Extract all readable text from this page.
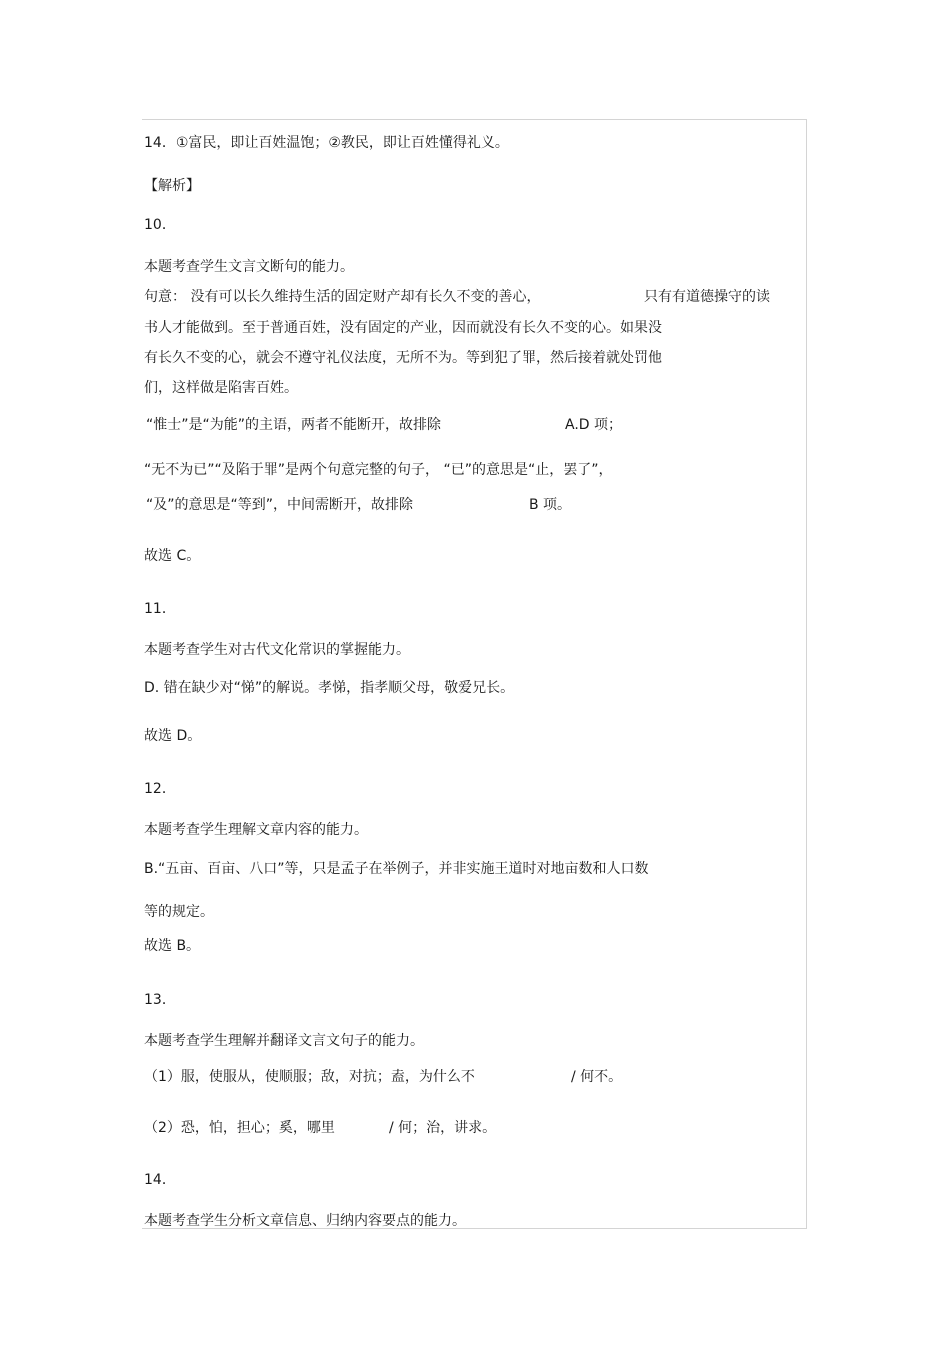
14．①富民，即让百姓温饱；②教民，即让百姓懂得礼义。
【解析】
10．
本题考查学生文言文断句的能力。
句意： 没有可以长久维持生活的固定财产却有长久不变的善心，	只有有道德操守的读
书人才能做到。至于普通百姓，没有固定的产业，因而就没有长久不变的心。如果没
有长久不变的心，就会不遵守礼仪法度，无所不为。等到犯了罪，然后接着就处罚他
们，这样做是陷害百姓。
“惟士”是“为能”的主语，两者不能断开，故排除	A.D 项；
“无不为已”“及陷于罪”是两个句意完整的句子， “已”的意思是“止，罢了”，
“及”的意思是“等到”，中间需断开，故排除	B 项。
故选 C。
11．
本题考查学生对古代文化常识的掌握能力。
D. 错在缺少对“悌”的解说。孝悌，指孝顺父母，敬爱兄长。
故选 D。
12．
本题考查学生理解文章内容的能力。
B.“五亩、百亩、八口”等，只是孟子在举例子，并非实施王道时对地亩数和人口数
等的规定。
故选 B。
13．
本题考查学生理解并翻译文言文句子的能力。
（1）服，使服从，使顺服；敌，对抗；盍，为什么不	/ 何不。
（2）恐，怕，担心；奚，哪里	/ 何；治，讲求。
14．
本题考查学生分析文章信息、归纳内容要点的能力。
